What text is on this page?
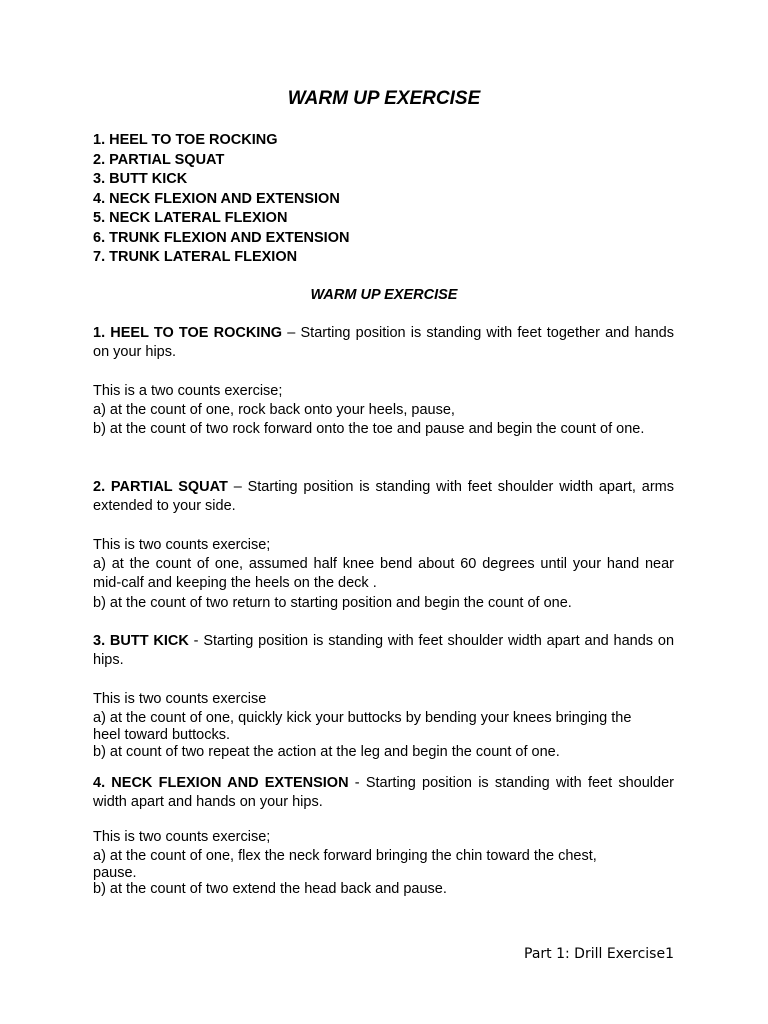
WARM UP EXERCISE
1. HEEL TO TOE ROCKING
2. PARTIAL SQUAT
3. BUTT KICK
4. NECK FLEXION AND EXTENSION
5. NECK LATERAL FLEXION
6. TRUNK FLEXION AND EXTENSION
7. TRUNK LATERAL FLEXION
WARM UP EXERCISE

1. HEEL TO TOE ROCKING – Starting position is standing with feet together and hands on your hips.

This is a two counts exercise;

a) at the count of one, rock back onto your heels, pause,

b) at the count of two rock forward onto the toe and pause and begin the count of one.

2. PARTIAL SQUAT – Starting position is standing with feet shoulder width apart, arms extended to your side.

This is two counts exercise;

a) at the count of one, assumed half knee bend about 60 degrees until your hand near mid-calf and keeping the heels on the deck .

b) at the count of two return to starting position and begin the count of one.

3. BUTT KICK - Starting position is standing with feet shoulder width apart and hands on hips.

This is two counts exercise

a) at the count of one, quickly kick your buttocks by bending your knees bringing the
heel toward buttocks.

b) at count of two repeat the action at the leg and begin the count of one.

4. NECK FLEXION AND EXTENSION - Starting position is standing with feet shoulder width apart and hands on your hips.

This is two counts exercise;

a) at the count of one, flex the neck forward bringing the chin toward the chest,
pause.

b) at the count of two extend the head back and pause.

Part 1: Drill Exercise1
